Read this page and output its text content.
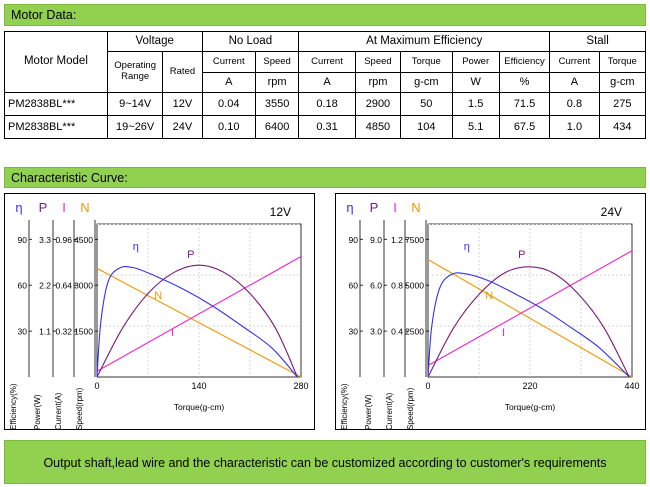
Motor Data:
Motor Model	Voltage		No Load		At Maximum Efficiency					Stall	
	Operating Range	Rated	Current	Speed	Current	Speed	Torque	Power	Efficiency	Current	Torque
			A	rpm	A	rpm	g-cm	W	%	A	g-cm
PM2838BL***	9~14V	12V	0.04	3550	0.18	2900	50	1.5	71.5	0.8	275
PM2838BL***	19~26V	24V	0.10	6400	0.31	4850	104	5.1	67.5	1.0	434
Characteristic Curve:
η
30
60
90
Efficiency(%)
P
1.1
2.2
3.3
Power(W)
I
0.32
0.64
0.96
Current(A)
N
1500
3000
4500
Speed(rpm)
12V
0	140	280
Torque(g-cm)
η
P
N
I
η
30
60
90
Efficiency(%)
P
3.0
6.0
9.0
Power(W)
I
0.4
0.8
1.2
Current(A)
N
2500
5000
7500
Speed(rpm)
24V
0	220	440
Torque(g-cm)
η
P
N
I
Output shaft,lead wire and the characteristic can be customized according to customer's requirements
